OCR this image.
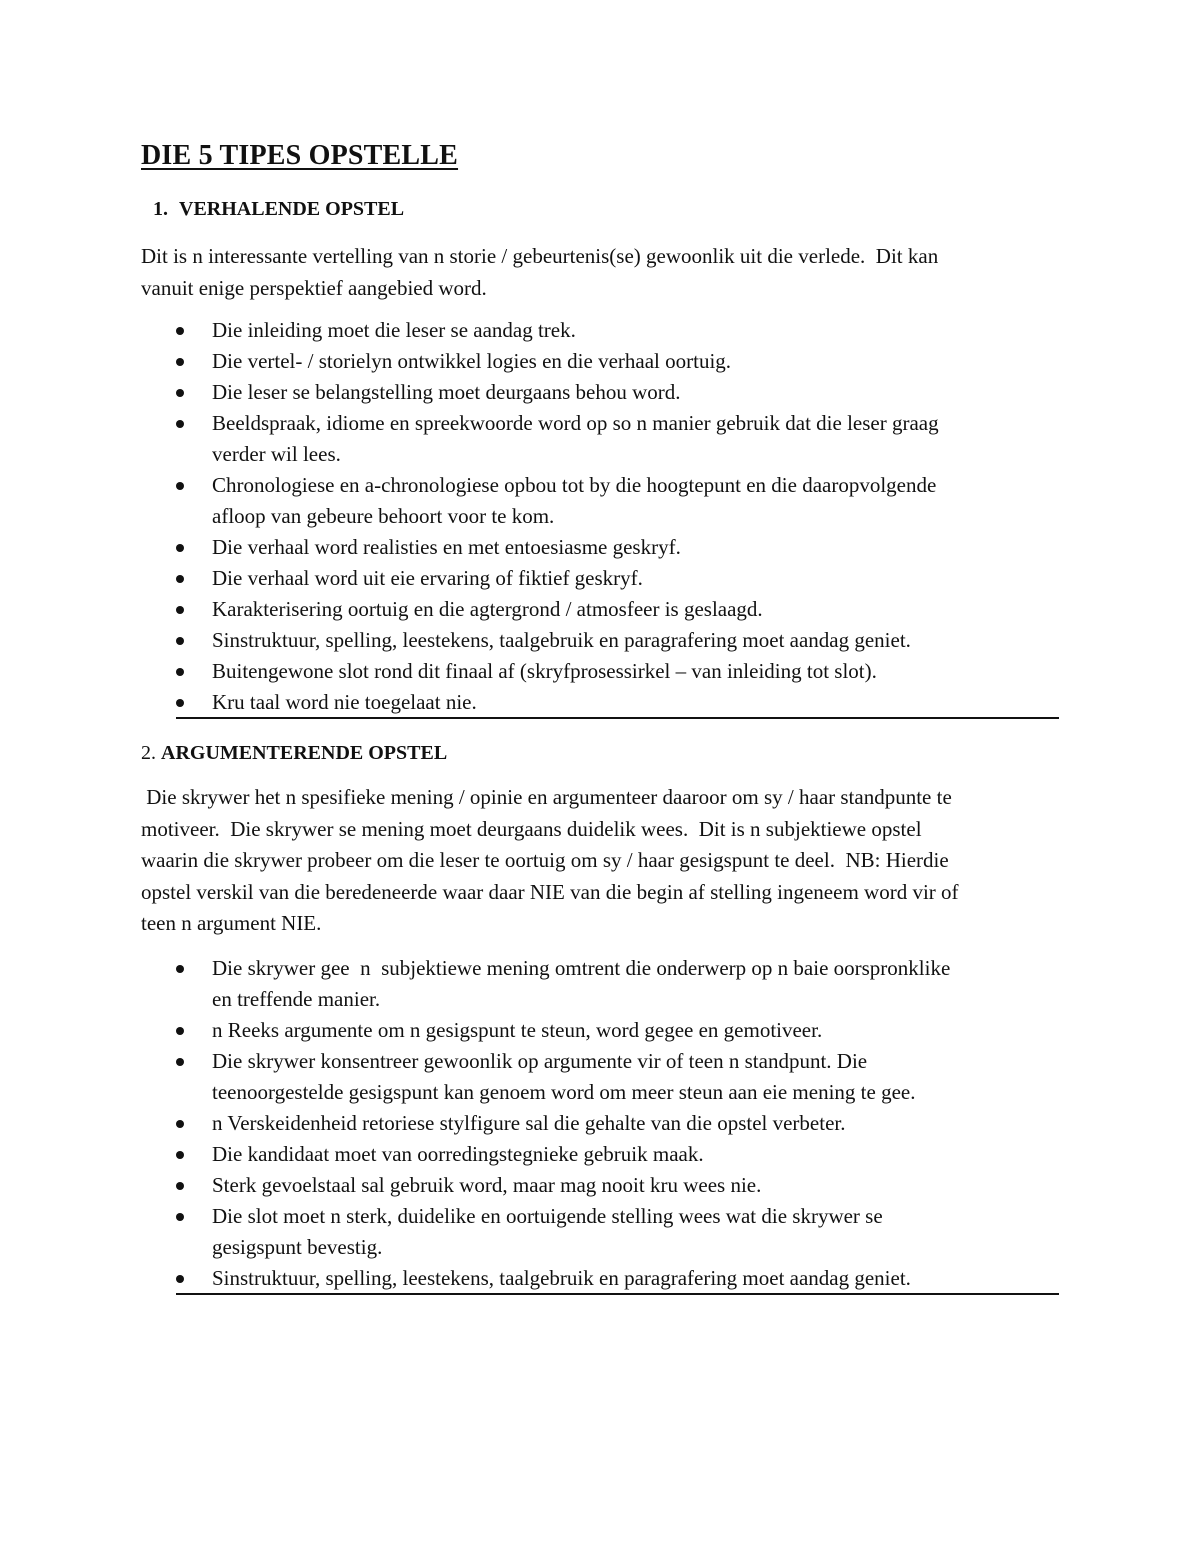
DIE 5 TIPES OPSTELLE
1. VERHALENDE OPSTEL
Dit is n interessante vertelling van n storie / gebeurtenis(se) gewoonlik uit die verlede.  Dit kan
vanuit enige perspektief aangebied word.
Die inleiding moet die leser se aandag trek.
Die vertel- / storielyn ontwikkel logies en die verhaal oortuig.
Die leser se belangstelling moet deurgaans behou word.
Beeldspraak, idiome en spreekwoorde word op so n manier gebruik dat die leser graag
verder wil lees.
Chronologiese en a-chronologiese opbou tot by die hoogtepunt en die daaropvolgende
afloop van gebeure behoort voor te kom.
Die verhaal word realisties en met entoesiasme geskryf.
Die verhaal word uit eie ervaring of fiktief geskryf.
Karakterisering oortuig en die agtergrond / atmosfeer is geslaagd.
Sinstruktuur, spelling, leestekens, taalgebruik en paragrafering moet aandag geniet.
Buitengewone slot rond dit finaal af (skryfprosessirkel – van inleiding tot slot).
Kru taal word nie toegelaat nie.
2. ARGUMENTERENDE OPSTEL
Die skrywer het n spesifieke mening / opinie en argumenteer daaroor om sy / haar standpunte te
motiveer.  Die skrywer se mening moet deurgaans duidelik wees.  Dit is n subjektiewe opstel
waarin die skrywer probeer om die leser te oortuig om sy / haar gesigspunt te deel.  NB: Hierdie
opstel verskil van die beredeneerde waar daar NIE van die begin af stelling ingeneem word vir of
teen n argument NIE.
Die skrywer gee  n  subjektiewe mening omtrent die onderwerp op n baie oorspronklike
en treffende manier.
n Reeks argumente om n gesigspunt te steun, word gegee en gemotiveer.
Die skrywer konsentreer gewoonlik op argumente vir of teen n standpunt. Die
teenoorgestelde gesigspunt kan genoem word om meer steun aan eie mening te gee.
n Verskeidenheid retoriese stylfigure sal die gehalte van die opstel verbeter.
Die kandidaat moet van oorredingstegnieke gebruik maak.
Sterk gevoelstaal sal gebruik word, maar mag nooit kru wees nie.
Die slot moet n sterk, duidelike en oortuigende stelling wees wat die skrywer se
gesigspunt bevestig.
Sinstruktuur, spelling, leestekens, taalgebruik en paragrafering moet aandag geniet.
